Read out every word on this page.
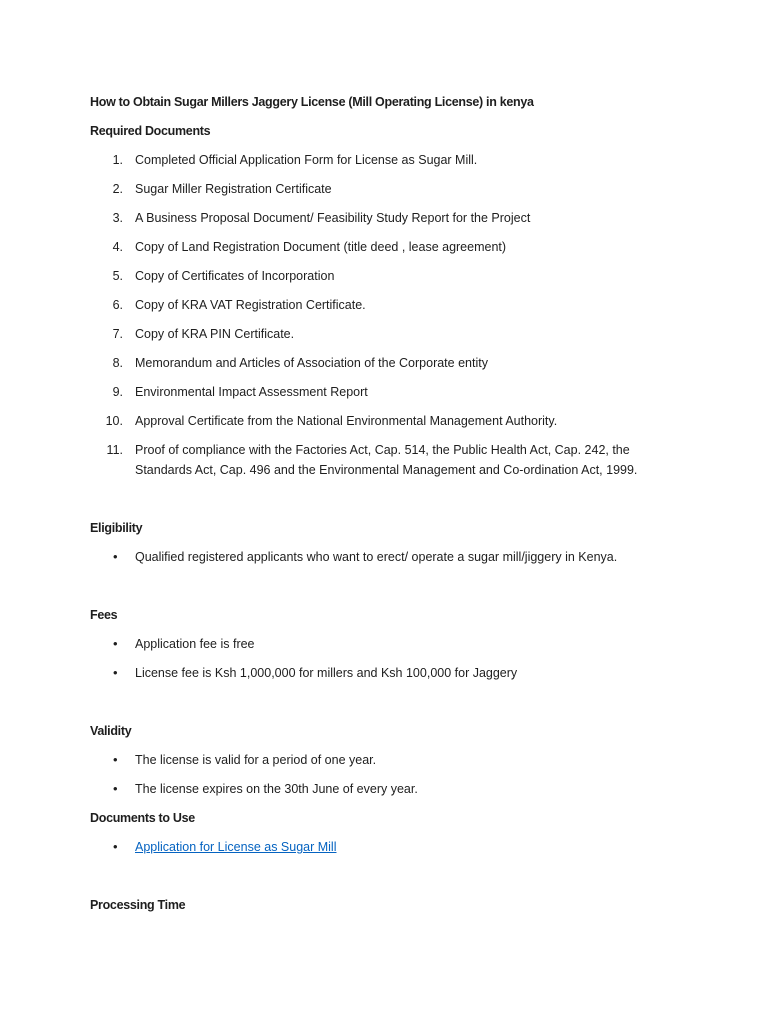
How to Obtain Sugar Millers Jaggery License (Mill Operating License) in kenya

Required Documents

1. Completed Official Application Form for License as Sugar Mill.
2. Sugar Miller Registration Certificate
3. A Business Proposal Document/ Feasibility Study Report for the Project
4. Copy of Land Registration Document (title deed , lease agreement)
5. Copy of Certificates of Incorporation
6. Copy of KRA VAT Registration Certificate.
7. Copy of KRA PIN Certificate.
8. Memorandum and Articles of Association of the Corporate entity
9. Environmental Impact Assessment Report
10. Approval Certificate from the National Environmental Management Authority.
11. Proof of compliance with the Factories Act, Cap. 514, the Public Health Act, Cap. 242, the Standards Act, Cap. 496 and the Environmental Management and Co-ordination Act, 1999.

Eligibility

•	Qualified registered applicants who want to erect/ operate a sugar mill/jiggery in Kenya.

Fees

•	Application fee is free
•	License fee is Ksh 1,000,000 for millers and Ksh 100,000 for Jaggery

Validity

•	The license is valid for a period of one year.
•	The license expires on the 30th June of every year.

Documents to Use

•	Application for License as Sugar Mill

Processing Time
